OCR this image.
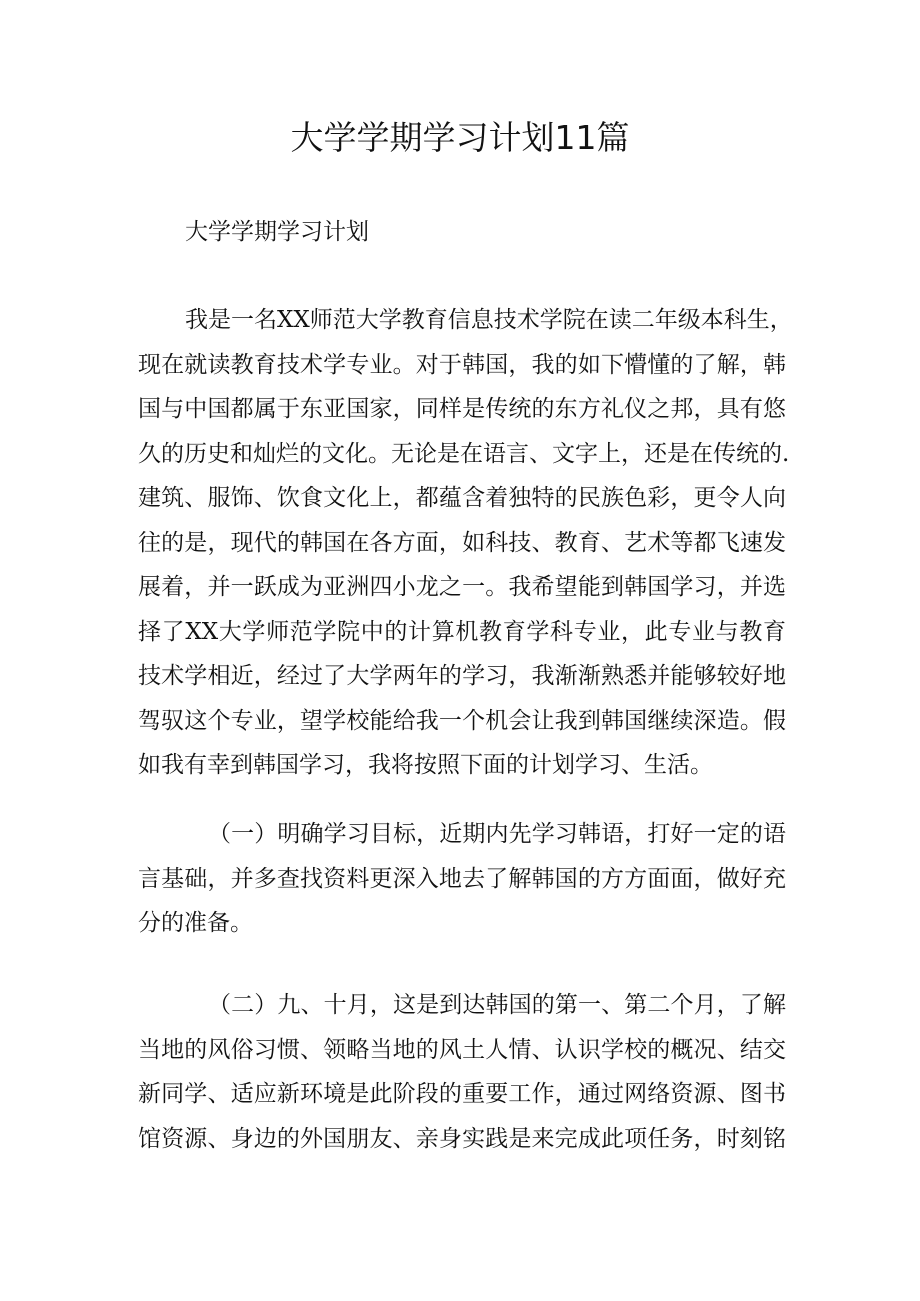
大学学期学习计划11篇

大学学期学习计划

我是一名XX师范大学教育信息技术学院在读二年级本科生，
现在就读教育技术学专业。对于韩国，我的如下懵懂的了解，韩
国与中国都属于东亚国家，同样是传统的东方礼仪之邦，具有悠
久的历史和灿烂的文化。无论是在语言、文字上，还是在传统的.
建筑、服饰、饮食文化上，都蕴含着独特的民族色彩，更令人向
往的是，现代的韩国在各方面，如科技、教育、艺术等都飞速发
展着，并一跃成为亚洲四小龙之一。我希望能到韩国学习，并选
择了XX大学师范学院中的计算机教育学科专业，此专业与教育
技术学相近，经过了大学两年的学习，我渐渐熟悉并能够较好地
驾驭这个专业，望学校能给我一个机会让我到韩国继续深造。假
如我有幸到韩国学习，我将按照下面的计划学习、生活。
（一）明确学习目标，近期内先学习韩语，打好一定的语
言基础，并多查找资料更深入地去了解韩国的方方面面，做好充
分的准备。
（二）九、十月，这是到达韩国的第一、第二个月，了解
当地的风俗习惯、领略当地的风土人情、认识学校的概况、结交
新同学、适应新环境是此阶段的重要工作，通过网络资源、图书
馆资源、身边的外国朋友、亲身实践是来完成此项任务，时刻铭
